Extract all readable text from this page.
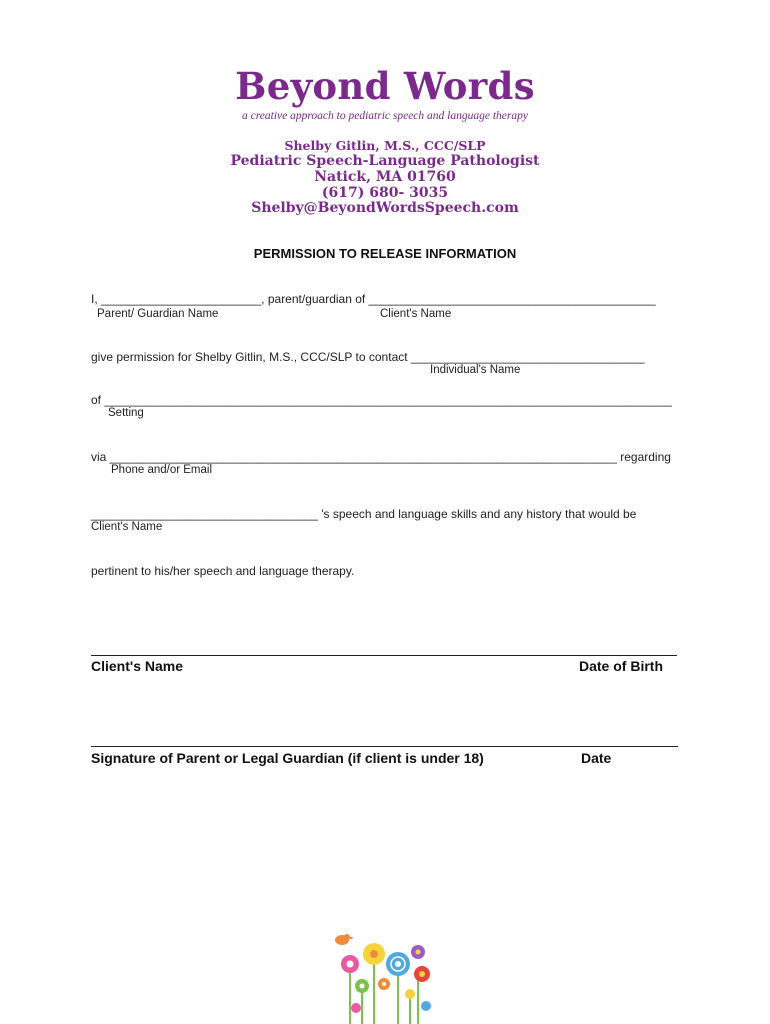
Beyond Words
a creative approach to pediatric speech and language therapy
Shelby Gitlin, M.S., CCC/SLP
Pediatric Speech-Language Pathologist
Natick, MA 01760
(617) 680- 3035
Shelby@BeyondWordsSpeech.com
PERMISSION TO RELEASE INFORMATION
I, ________________________, parent/guardian of ___________________________________________
Parent/ Guardian Name	Client's Name
give permission for Shelby Gitlin, M.S., CCC/SLP to contact ___________________________________
Individual's Name
of _____________________________________________________________________________________
Setting
via ____________________________________________________________________________ regarding
Phone and/or Email
__________________________________ 's speech and language skills and any history that would be
Client's Name
pertinent to his/her speech and language therapy.
Client's Name	Date of Birth
Signature of Parent or Legal Guardian (if client is under 18)	Date
